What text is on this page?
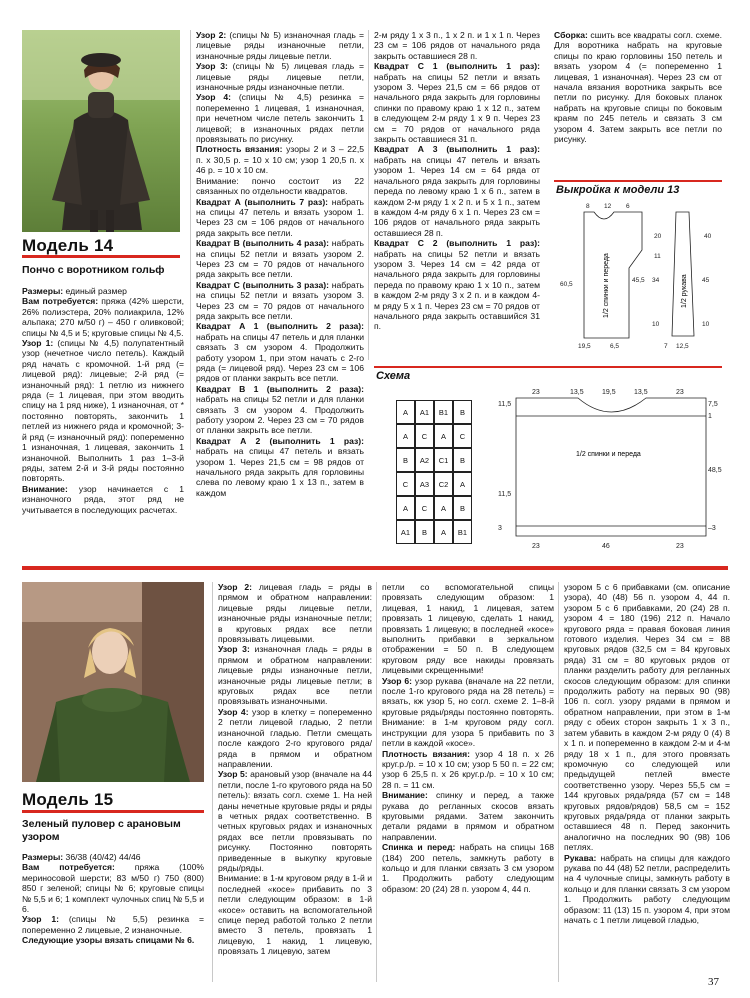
Модель 14
Пончо с воротником гольф

Размеры: единый размер

Вам потребуется: пряжа (42% шерсти, 26% полиэстера, 20% полиакрила, 12% альпака; 270 м/50 г) – 450 г оливковой; спицы № 4,5 и 5; круговые спицы № 4,5.

Узор 1: (спицы № 4,5) полупатентный узор (нечетное число петель). Каждый ряд начать с кромочной. 1-й ряд (= лицевой ряд): лицевые; 2-й ряд (= изнаночный ряд): 1 петлю из нижнего ряда (= 1 лицевая, при этом вводить спицу на 1 ряд ниже), 1 изнаночная, от * постоянно повторять, закончить 1 петлей из нижнего ряда и кромочной; 3-й ряд (= изнаночный ряд): попеременно 1 изнаночная, 1 лицевая, закончить 1 изнаночной. Выполнить 1 раз 1–3-й ряды, затем 2-й и 3-й ряды постоянно повторять.

Внимание: узор начинается с 1 изнаночного ряда, этот ряд не учитывается в последующих расчетах.

Узор 2: (спицы № 5) изнаночная гладь = лицевые ряды изнаночные петли, изнаночные ряды лицевые петли.

Узор 3: (спицы № 5) лицевая гладь = лицевые ряды лицевые петли, изнаночные ряды изнаночные петли.

Узор 4: (спицы № 4,5) резинка = попеременно 1 лицевая, 1 изнаночная, при нечетном числе петель закончить 1 лицевой; в изнаночных рядах петли провязывать по рисунку.

Плотность вязания: узоры 2 и 3 – 22,5 п. х 30,5 р. = 10 х 10 см; узор 1 20,5 п. х 46 р. = 10 х 10 см.

Внимание: пончо состоит из 22 связанных по отдельности квадратов.

Квадрат А (выполнить 7 раз): набрать на спицы 47 петель и вязать узором 1. Через 23 см = 106 рядов от начального ряда закрыть все петли.

Квадрат В (выполнить 4 раза): набрать на спицы 52 петли и вязать узором 2. Через 23 см = 70 рядов от начального ряда закрыть все петли.

Квадрат С (выполнить 3 раза): набрать на спицы 52 петли и вязать узором 3. Через 23 см = 70 рядов от начального ряда закрыть все петли.

Квадрат А 1 (выполнить 2 раза): набрать на спицы 47 петель и для планки связать 3 см узором 4. Продолжить работу узором 1, при этом начать с 2-го ряда (= лицевой ряд). Через 23 см = 106 рядов от планки закрыть все петли.

Квадрат В 1 (выполнить 2 раза): набрать на спицы 52 петли и для планки связать 3 см узором 4. Продолжить работу узором 2. Через 23 см = 70 рядов от планки закрыть все петли.

Квадрат А 2 (выполнить 1 раз): набрать на спицы 47 петель и вязать узором 1. Через 21,5 см = 98 рядов от начального ряда закрыть для горловины слева по левому краю 1 х 13 п., затем в каждом

2-м ряду 1 х 3 п., 1 х 2 п. и 1 х 1 п. Через 23 см = 106 рядов от начального ряда закрыть оставшиеся 28 п.

Квадрат С 1 (выполнить 1 раз): набрать на спицы 52 петли и вязать узором 3. Через 21,5 см = 66 рядов от начального ряда закрыть для горловины спинки по правому краю 1 х 12 п., затем в следующем 2-м ряду 1 х 9 п. Через 23 см = 70 рядов от начального ряда закрыть оставшиеся 31 п.

Квадрат А 3 (выполнить 1 раз): набрать на спицы 47 петель и вязать узором 1. Через 14 см = 64 ряда от начального ряда закрыть для горловины переда по левому краю 1 х 6 п., затем в каждом 2-м ряду 1 х 2 п. и 5 х 1 п., затем в каждом 4-м ряду 6 х 1 п. Через 23 см = 106 рядов от начального ряда закрыть оставшиеся 28 п.

Квадрат С 2 (выполнить 1 раз): набрать на спицы 52 петли и вязать узором 3. Через 14 см = 42 ряда от начального ряда закрыть для горловины переда по правому краю 1 х 10 п., затем в каждом 2-м ряду 3 х 2 п. и в каждом 4-м ряду 5 х 1 п. Через 23 см = 70 рядов от начального ряда закрыть оставшийся 31 п.

Сборка: сшить все квадраты согл. схеме. Для воротника набрать на круговые спицы по краю горловины 150 петель и вязать узором 4 (= попеременно 1 лицевая, 1 изнаночная). Через 23 см от начала вязания воротника закрыть все петли по рисунку. Для боковых планок набрать на круговые спицы по боковым краям по 245 петель и связать 3 см узором 4. Затем закрыть все петли по рисунку.

Выкройка к модели 13
8 12 6
20
11
40
45,5 34
60,5
45
10	10
19,5	6,5	7 12,5
1/2 спинки и переда	1/2 рукава
Схема
A	A1	B1	B
A	C	A	C
B	A2	C1	B
C	A3	C2	A
A	C	A	B
A1	B	A	B1
23	13,5	19,5	13,5	23
11,5	7,5
1
48,5
11,5
3	–3
23	46	23
1/2 спинки и переда
Модель 15
Зеленый пуловер с арановым узором

Размеры: 36/38 (40/42) 44/46

Вам потребуется: пряжа (100% мериносовой шерсти; 83 м/50 г) 750 (800) 850 г зеленой; спицы № 6; круговые спицы № 5,5 и 6; 1 комплект чулочных спиц № 5,5 и 6.

Узор 1: (спицы № 5,5) резинка = попеременно 2 лицевые, 2 изнаночные.

Следующие узоры вязать спицами № 6.

Узор 2: лицевая гладь = ряды в прямом и обратном направлении: лицевые ряды лицевые петли, изнаночные ряды изнаночные петли; в круговых рядах все петли провязывать лицевыми.

Узор 3: изнаночная гладь = ряды в прямом и обратном направлении: лицевые ряды изнаночные петли, изнаночные ряды лицевые петли; в круговых рядах все петли провязывать изнаночными.

Узор 4: узор в клетку = попеременно 2 петли лицевой гладью, 2 петли изнаночной гладью. Петли смещать после каждого 2-го кругового ряда/ряда в прямом и обратном направлении.

Узор 5: арановый узор (вначале на 44 петли, после 1-го кругового ряда на 50 петель): вязать согл. схеме 1. На ней даны нечетные круговые ряды и ряды в четных рядах соответственно. В четных круговых рядах и изнаночных рядах все петли провязывать по рисунку. Постоянно повторять приведенные в выкупку круговые ряды/ряды.

Внимание: в 1-м круговом ряду в 1-й и последней «косе» прибавить по 3 петли следующим образом: в 1-й «косе» оставить на вспомогательной спице перед работой только 2 петли вместо 3 петель, провязать 1 лицевую, 1 накид, 1 лицевую, провязать 1 лицевую, затем

петли со вспомогательной спицы провязать следующим образом: 1 лицевая, 1 накид, 1 лицевая, затем провязать 1 лицевую, сделать 1 накид, провязать 1 лицевую; в последней «косе» выполнить прибавки в зеркальном отображении = 50 п. В следующем круговом ряду все накиды провязать лицевыми скрещенными!

Узор 6: узор рукава (вначале на 22 петли, после 1-го кругового ряда на 28 петель) = вязать, кж узор 5, но согл. схеме 2. 1–8-й круговые ряды/ряды постоянно повторять. Внимание: в 1-м круговом ряду согл. инструкции для узора 5 прибавить по 3 петли в каждой «косе».

Плотность вязания: узор 4 18 п. х 26 круг.р./р. = 10 х 10 см; узор 5 50 п. = 22 см; узор 6 25,5 п. х 26 круг.р./р. = 10 х 10 см; 28 п. = 11 см.

Внимание: спинку и перед, а также рукава до регланных скосов вязать круговыми рядами. Затем закончить детали рядами в прямом и обратном направлении.

Спинка и перед: набрать на спицы 168 (184) 200 петель, замкнуть работу в кольцо и для планки связать 3 см узором 1. Продолжить работу следующим образом: 20 (24) 28 п. узором 4, 44 п.

узором 5 с 6 прибавками (см. описание узора), 40 (48) 56 п. узором 4, 44 п. узором 5 с 6 прибавками, 20 (24) 28 п. узором 4 = 180 (196) 212 п. Начало кругового ряда = правая боковая линия готового изделия. Через 34 см = 88 круговых рядов (32,5 см = 84 круговых ряда) 31 см = 80 круговых рядов от планки разделить работу для регланных скосов следующим образом: для спинки продолжить работу на первых 90 (98) 106 п. согл. узору рядами в прямом и обратном направлении, при этом в 1-м ряду с обеих сторон закрыть 1 х 3 п., затем убавить в каждом 2-м ряду 0 (4) 8 х 1 п. и попеременно в каждом 2-м и 4-м ряду 18 х 1 п., для этого провязать кромочную со следующей или предыдущей петлей вместе соответственно узору. Через 55,5 см = 144 круговых ряда/ряда (57 см = 148 круговых рядов/рядов) 58,5 см = 152 круговых ряда/ряда от планки закрыть оставшиеся 48 п. Перед закончить аналогично на последних 90 (98) 106 петлях.

Рукава: набрать на спицы для каждого рукава по 44 (48) 52 петли, распределить на 4 чулочные спицы, замкнуть работу в кольцо и для планки связать 3 см узором 1. Продолжить работу следующим образом: 11 (13) 15 п. узором 4, при этом начать с 1 петли лицевой гладью,

37
